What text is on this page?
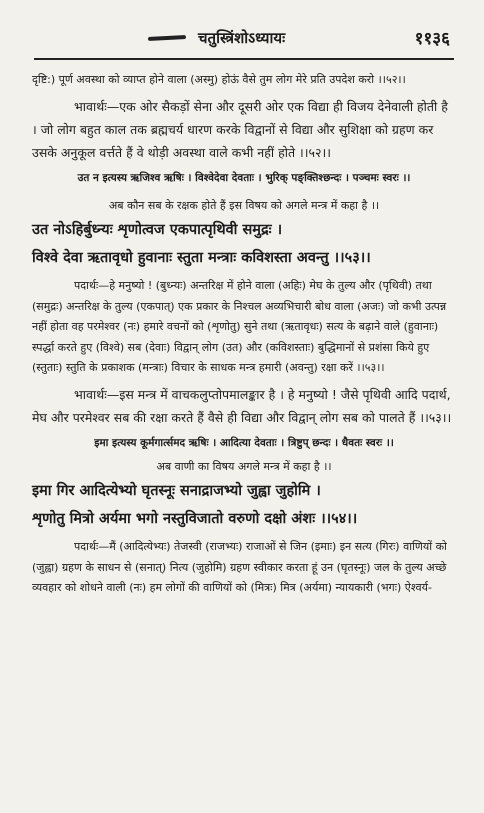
चतुस्त्रिंशोऽध्यायः	११३६

दृष्टि:) पूर्ण अवस्था को व्याप्त होने वाला (अस्मु) होऊं वैसे तुम लोग मेरे प्रति उपदेश करो ।।५२।।

भावार्थः—एक ओर सैकड़ों सेना और दूसरी ओर एक विद्या ही विजय देनेवाली होती है । जो लोग बहुत काल तक ब्रह्मचर्य धारण करके विद्वानों से विद्या और सुशिक्षा को ग्रहण कर उसके अनुकूल वर्त्तते हैं वे थोड़ी अवस्था वाले कभी नहीं होते ।।५२।।

उत न इत्यस्य ऋजिश्व ऋषिः । विश्वेदेवा देवताः । भुरिक् पङ्क्तिश्छन्दः । पञ्चमः स्वरः ।।

अब कौन सब के रक्षक होते हैं इस विषय को अगले मन्त्र में कहा है ।।

उत नोऽहिर्बुध्न्यः शृणोत्वज एकपात्पृथिवी समुद्रः ।

विश्वे देवा ऋतावृधो हुवानाः स्तुता मन्त्राः कविशस्ता अवन्तु ।।५३।।

पदार्थः—हे मनुष्यो ! (बुध्न्यः) अन्तरिक्ष में होने वाला (अहिः) मेघ के तुल्य और (पृथिवी) तथा (समुद्रः) अन्तरिक्ष के तुल्य (एकपात्) एक प्रकार के निश्चल अव्यभिचारी बोध वाला (अजः) जो कभी उत्पन्न नहीं होता वह परमेश्वर (नः) हमारे वचनों को (शृणोतु) सुने तथा (ऋतावृधः) सत्य के बढ़ाने वाले (हुवानाः) स्पर्द्धा करते हुए (विश्वे) सब (देवाः) विद्वान् लोग (उत) और (कविशस्ताः) बुद्धिमानों से प्रशंसा किये हुए (स्तुताः) स्तुति के प्रकाशक (मन्त्राः) विचार के साधक मन्त्र हमारी (अवन्तु) रक्षा करें ।।५३।।

भावार्थः—इस मन्त्र में वाचकलुप्तोपमालङ्कार है । हे मनुष्यो ! जैसे पृथिवी आदि पदार्थ, मेघ और परमेश्वर सब की रक्षा करते हैं वैसे ही विद्या और विद्वान् लोग सब को पालते हैं ।।५३।।

इमा इत्यस्य कूर्मगार्त्समद ऋषिः । आदित्या देवताः । त्रिष्टुप् छन्दः । धैवतः स्वरः ।।

अब वाणी का विषय अगले मन्त्र में कहा है ।।

इमा गिर आदित्येभ्यो घृतस्नूः सनाद्राजभ्यो जुह्वा जुहोमि ।

शृणोतु मित्रो अर्यमा भगो नस्तुविजातो वरुणो दक्षो अंशः ।।५४।।

पदार्थः—मैं (आदित्येभ्यः) तेजस्वी (राजभ्यः) राजाओं से जिन (इमाः) इन सत्य (गिरः) वाणियों को (जुह्वा) ग्रहण के साधन से (सनात्) नित्य (जुहोमि) ग्रहण स्वीकार करता हूं उन (घृतस्नूः) जल के तुल्य अच्छे व्यवहार को शोधने वाली (नः) हम लोगों की वाणियों को (मित्रः) मित्र (अर्यमा) न्यायकारी (भगः) ऐश्वर्य-
